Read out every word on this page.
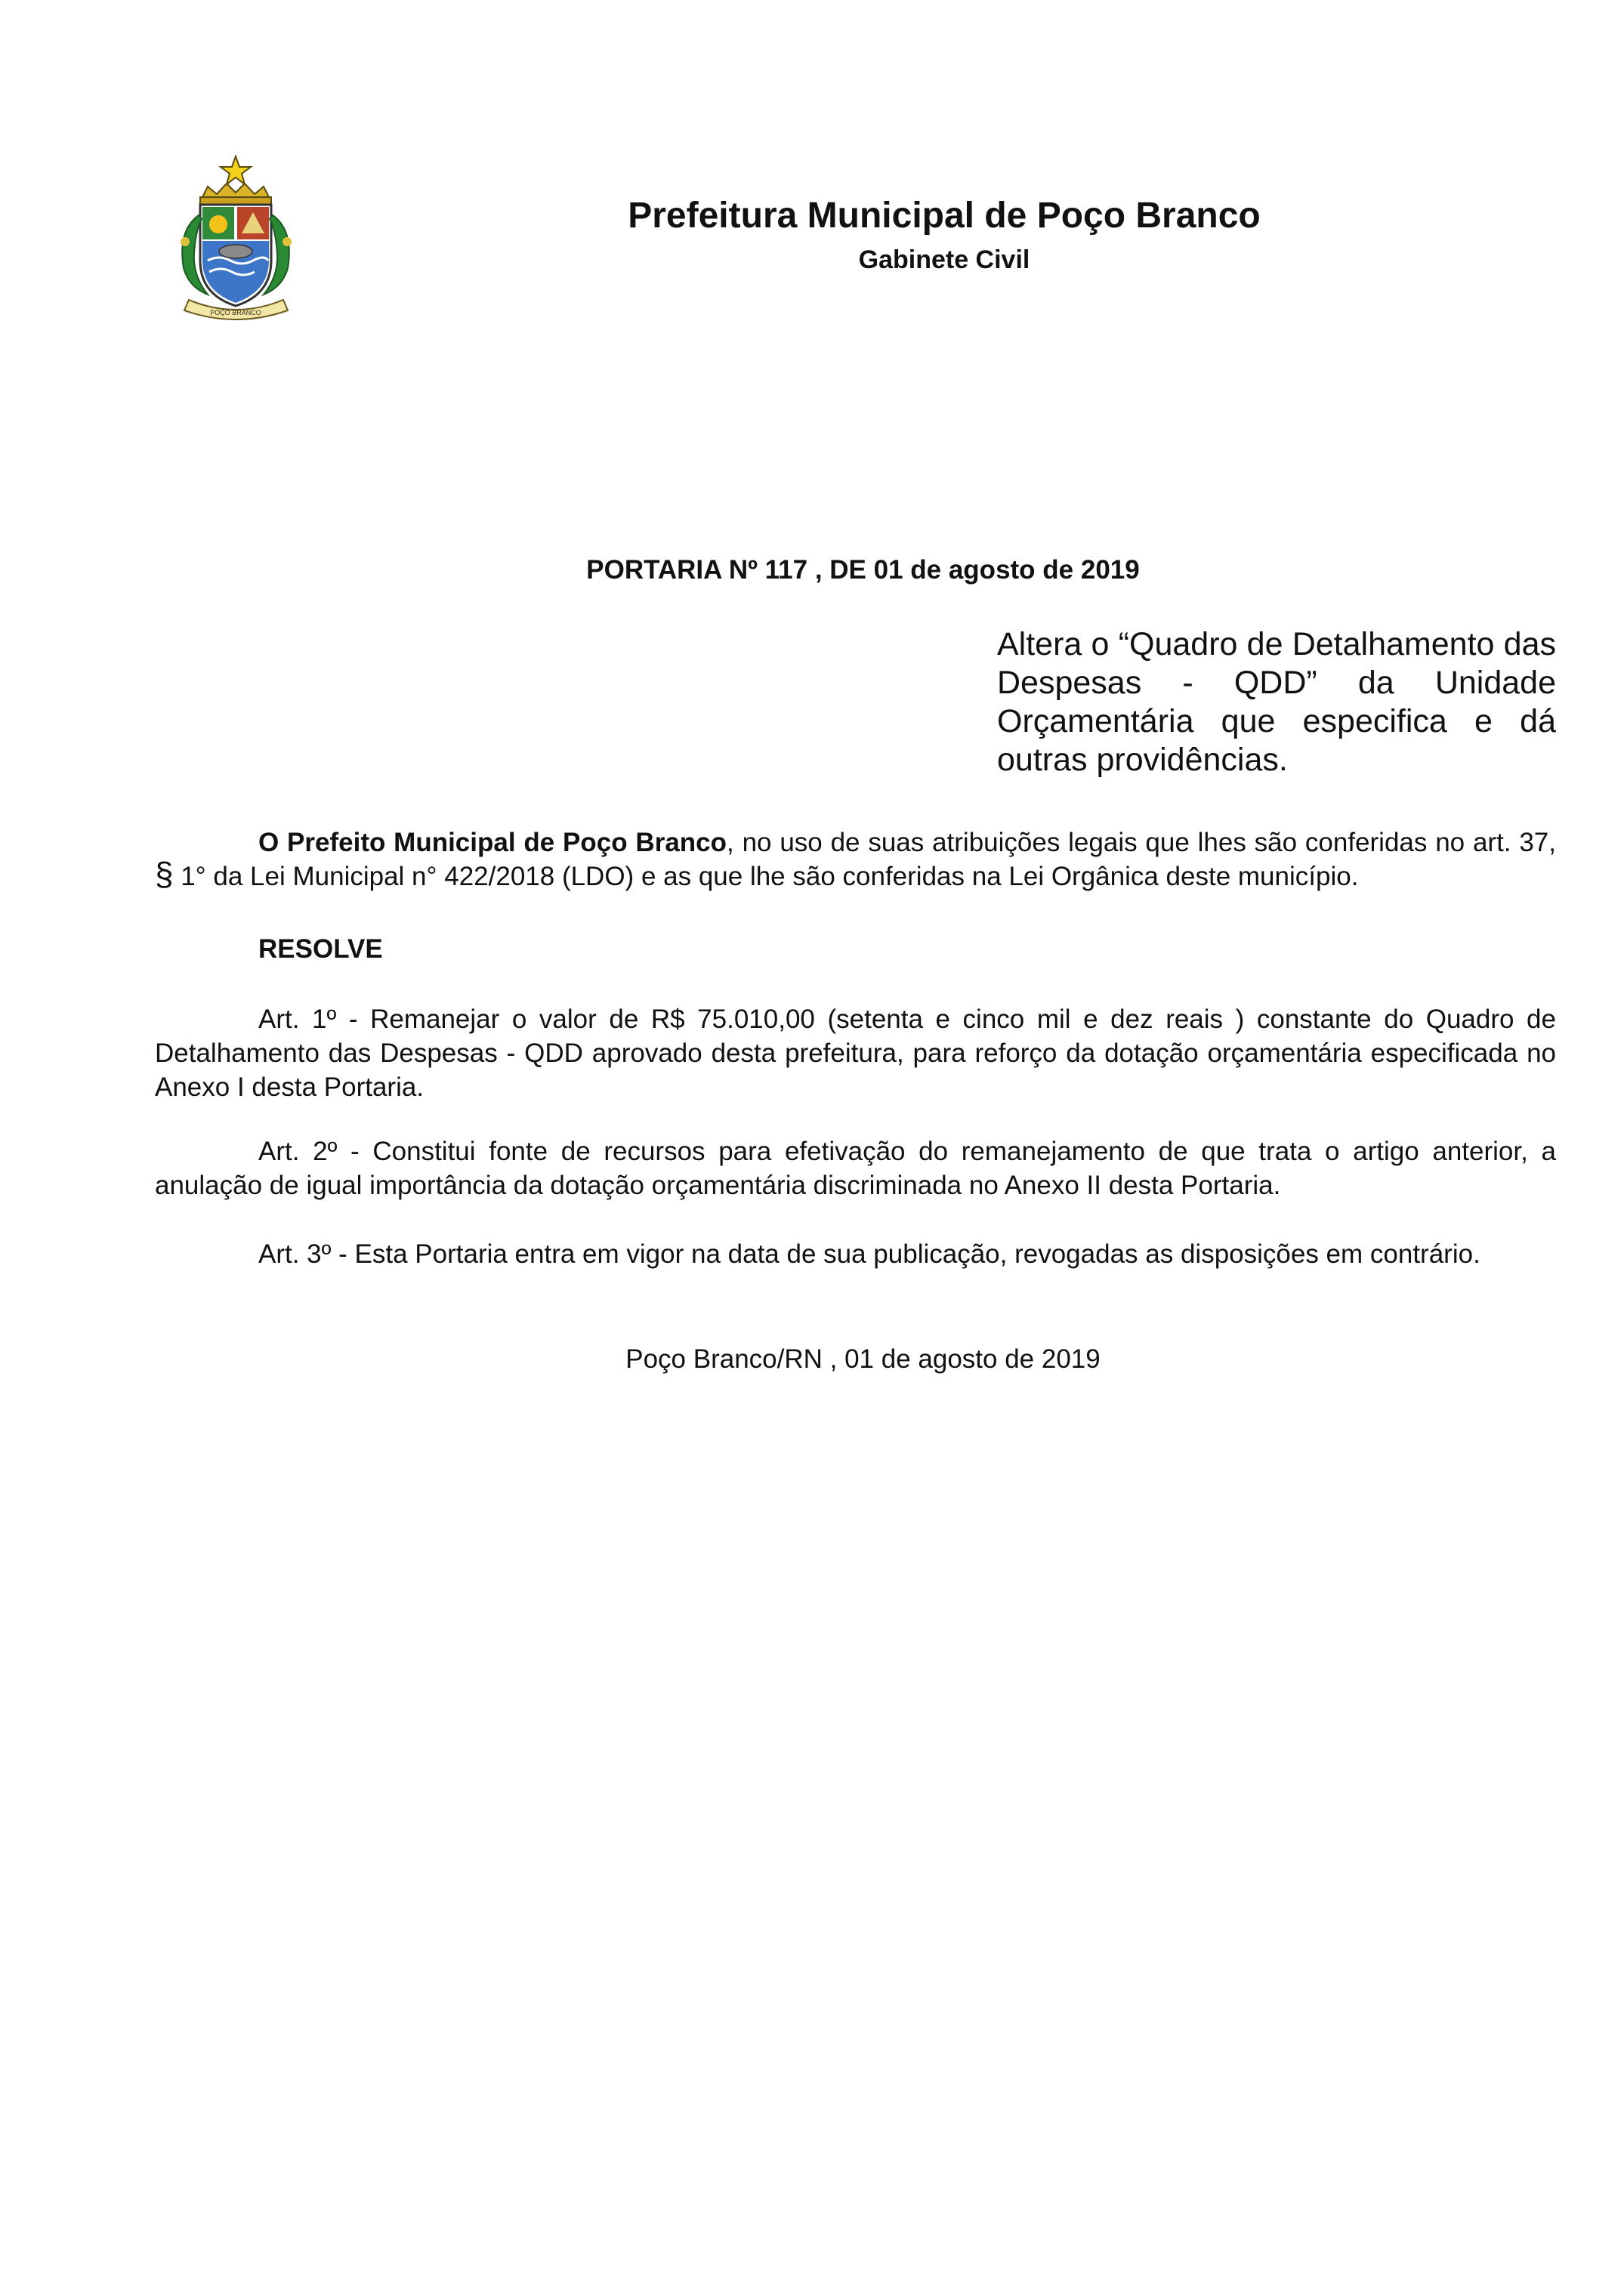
POÇO BRANCO
Prefeitura Municipal de Poço Branco
Gabinete Civil
PORTARIA Nº 117 , DE 01 de agosto de 2019
Altera o “Quadro de Detalhamento das Despesas - QDD” da Unidade Orçamentária que especifica e dá outras providências.

O Prefeito Municipal de Poço Branco, no uso de suas atribuições legais que lhes são conferidas no art. 37, § 1° da Lei Municipal n° 422/2018 (LDO) e as que lhe são conferidas na Lei Orgânica deste município.

RESOLVE

Art. 1º - Remanejar o valor de R$ 75.010,00 (setenta e cinco mil e dez reais ) constante do Quadro de Detalhamento das Despesas - QDD aprovado desta prefeitura, para reforço da dotação orçamentária especificada no Anexo I desta Portaria.

Art. 2º - Constitui fonte de recursos para efetivação do remanejamento de que trata o artigo anterior, a anulação de igual importância da dotação orçamentária discriminada no Anexo II desta Portaria.

Art. 3º - Esta Portaria entra em vigor na data de sua publicação, revogadas as disposições em contrário.

Poço Branco/RN , 01 de agosto de 2019
